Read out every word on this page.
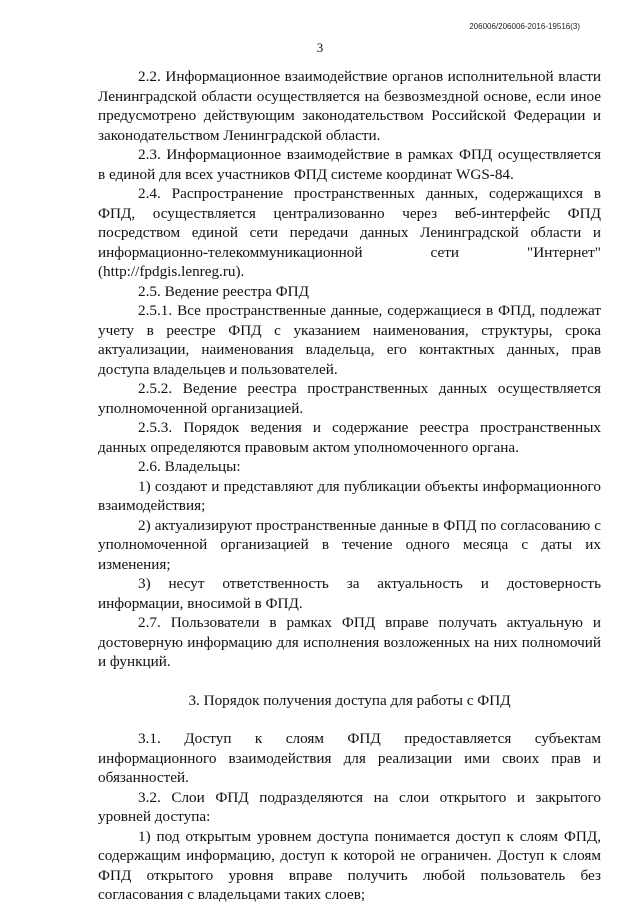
206006/206006-2016-19516(3)
3

2.2. Информационное взаимодействие органов исполнительной власти Ленинградской области осуществляется на безвозмездной основе, если иное предусмотрено действующим законодательством Российской Федерации и законодательством Ленинградской области.

2.3. Информационное взаимодействие в рамках ФПД осуществляется в единой для всех участников ФПД системе координат WGS-84.

2.4. Распространение пространственных данных, содержащихся в ФПД, осуществляется централизованно через веб-интерфейс ФПД посредством единой сети передачи данных Ленинградской области и информационно-телекоммуникационной сети "Интернет" (http://fpdgis.lenreg.ru).

2.5. Ведение реестра ФПД

2.5.1. Все пространственные данные, содержащиеся в ФПД, подлежат учету в реестре ФПД с указанием наименования, структуры, срока актуализации, наименования владельца, его контактных данных, прав доступа владельцев и пользователей.

2.5.2. Ведение реестра пространственных данных осуществляется уполномоченной организацией.

2.5.3. Порядок ведения и содержание реестра пространственных данных определяются правовым актом уполномоченного органа.

2.6. Владельцы:

1) создают и представляют для публикации объекты информационного взаимодействия;

2) актуализируют пространственные данные в ФПД по согласованию с уполномоченной организацией в течение одного месяца с даты их изменения;

3) несут ответственность за актуальность и достоверность информации, вносимой в ФПД.

2.7. Пользователи в рамках ФПД вправе получать актуальную и достоверную информацию для исполнения возложенных на них полномочий и функций.

3. Порядок получения доступа для работы с ФПД

3.1. Доступ к слоям ФПД предоставляется субъектам информационного взаимодействия для реализации ими своих прав и обязанностей.

3.2. Слои ФПД подразделяются на слои открытого и закрытого уровней доступа:

1) под открытым уровнем доступа понимается доступ к слоям ФПД, содержащим информацию, доступ к которой не ограничен. Доступ к слоям ФПД открытого уровня вправе получить любой пользователь без согласования с владельцами таких слоев;
